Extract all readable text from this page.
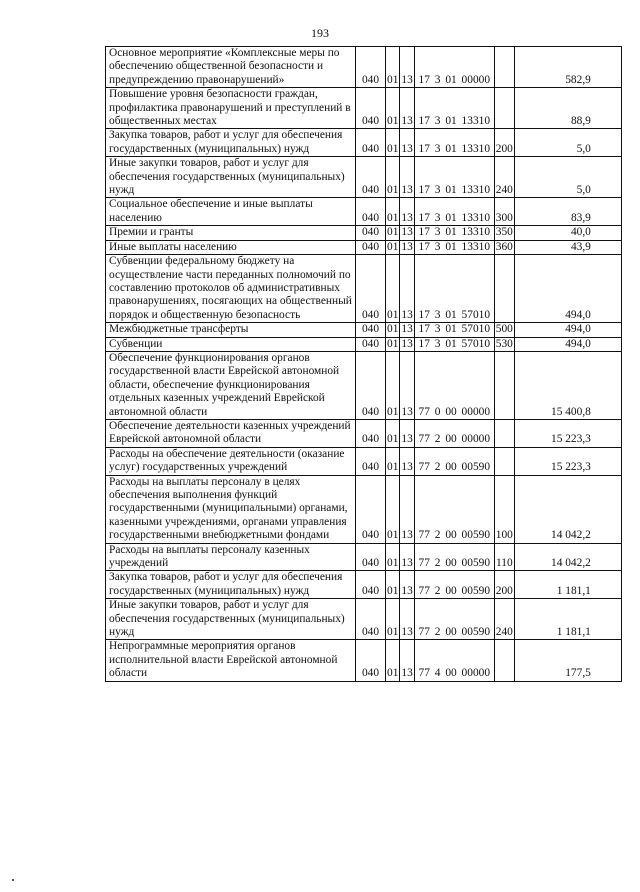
193
Основное мероприятие «Комплексные меры по обеспечению общественной безопасности и предупреждению правонарушений»	040	01	13	17 3 01 00000		582,9
Повышение уровня безопасности граждан, профилактика правонарушений и преступлений в общественных местах	040	01	13	17 3 01 13310		88,9
Закупка товаров, работ и услуг для обеспечения государственных (муниципальных) нужд	040	01	13	17 3 01 13310	200	5,0
Иные закупки товаров, работ и услуг для обеспечения государственных (муниципальных) нужд	040	01	13	17 3 01 13310	240	5,0
Социальное обеспечение и иные выплаты населению	040	01	13	17 3 01 13310	300	83,9
Премии и гранты	040	01	13	17 3 01 13310	350	40,0
Иные выплаты населению	040	01	13	17 3 01 13310	360	43,9
Субвенции федеральному бюджету на осуществление части переданных полномочий по составлению протоколов об административных правонарушениях, посягающих на общественный порядок и общественную безопасность	040	01	13	17 3 01 57010		494,0
Межбюджетные трансферты	040	01	13	17 3 01 57010	500	494,0
Субвенции	040	01	13	17 3 01 57010	530	494,0
Обеспечение функционирования органов государственной власти Еврейской автономной области, обеспечение функционирования отдельных казенных учреждений Еврейской автономной области	040	01	13	77 0 00 00000		15 400,8
Обеспечение деятельности казенных учреждений Еврейской автономной области	040	01	13	77 2 00 00000		15 223,3
Расходы на обеспечение деятельности (оказание услуг) государственных учреждений	040	01	13	77 2 00 00590		15 223,3
Расходы на выплаты персоналу в целях обеспечения выполнения функций государственными (муниципальными) органами, казенными учреждениями, органами управления государственными внебюджетными фондами	040	01	13	77 2 00 00590	100	14 042,2
Расходы на выплаты персоналу казенных учреждений	040	01	13	77 2 00 00590	110	14 042,2
Закупка товаров, работ и услуг для обеспечения государственных (муниципальных) нужд	040	01	13	77 2 00 00590	200	1 181,1
Иные закупки товаров, работ и услуг для обеспечения государственных (муниципальных) нужд	040	01	13	77 2 00 00590	240	1 181,1
Непрограммные мероприятия органов исполнительной власти Еврейской автономной области	040	01	13	77 4 00 00000		177,5
